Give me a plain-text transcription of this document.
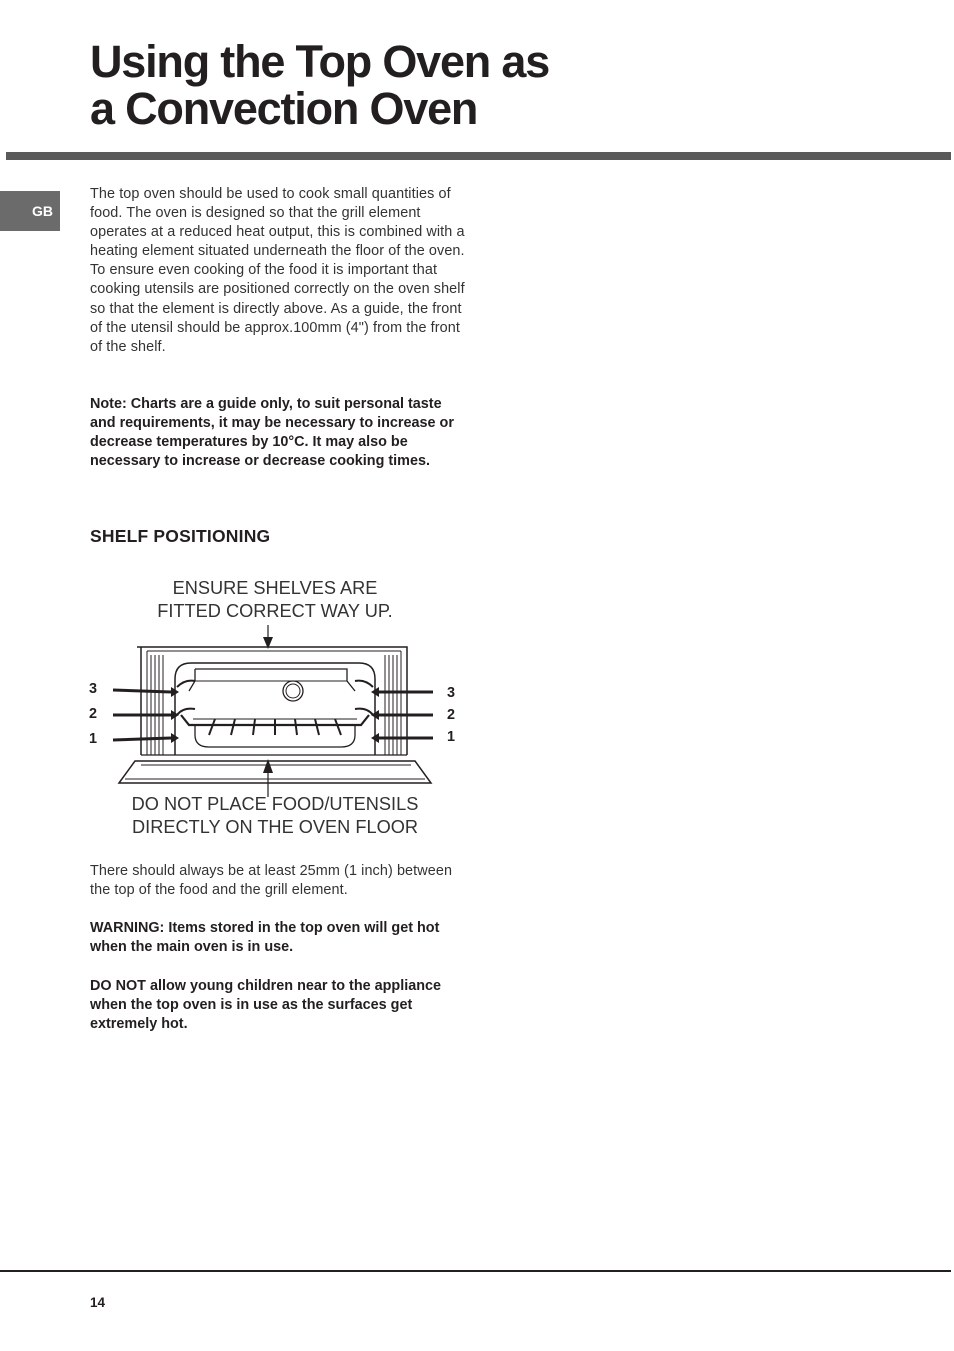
Using the Top Oven as
a Convection Oven
GB

The top oven should be used to cook small quantities of food. The oven is designed so that the grill element operates at a reduced heat output, this is combined with a heating element situated underneath the floor of the oven. To ensure even cooking of the food it is important that cooking utensils are positioned correctly on the oven shelf so that the element is directly above. As a guide, the front of the utensil should be approx.100mm (4") from the front of the shelf.

Note: Charts are a guide only, to suit personal taste and requirements, it may be necessary to increase or decrease temperatures by 10°C. It may also be necessary to increase or decrease cooking times.

SHELF POSITIONING

ENSURE SHELVES ARE
FITTED CORRECT WAY UP.

3
2
1
3
2
1

DO NOT PLACE FOOD/UTENSILS
DIRECTLY ON THE OVEN FLOOR

There should always be at least 25mm (1 inch) between the top of the food and the grill element.

WARNING: Items stored in the top oven will get hot when the main oven is in use.

DO NOT allow young children near to the appliance when the top oven is in use as the surfaces get extremely hot.

14
